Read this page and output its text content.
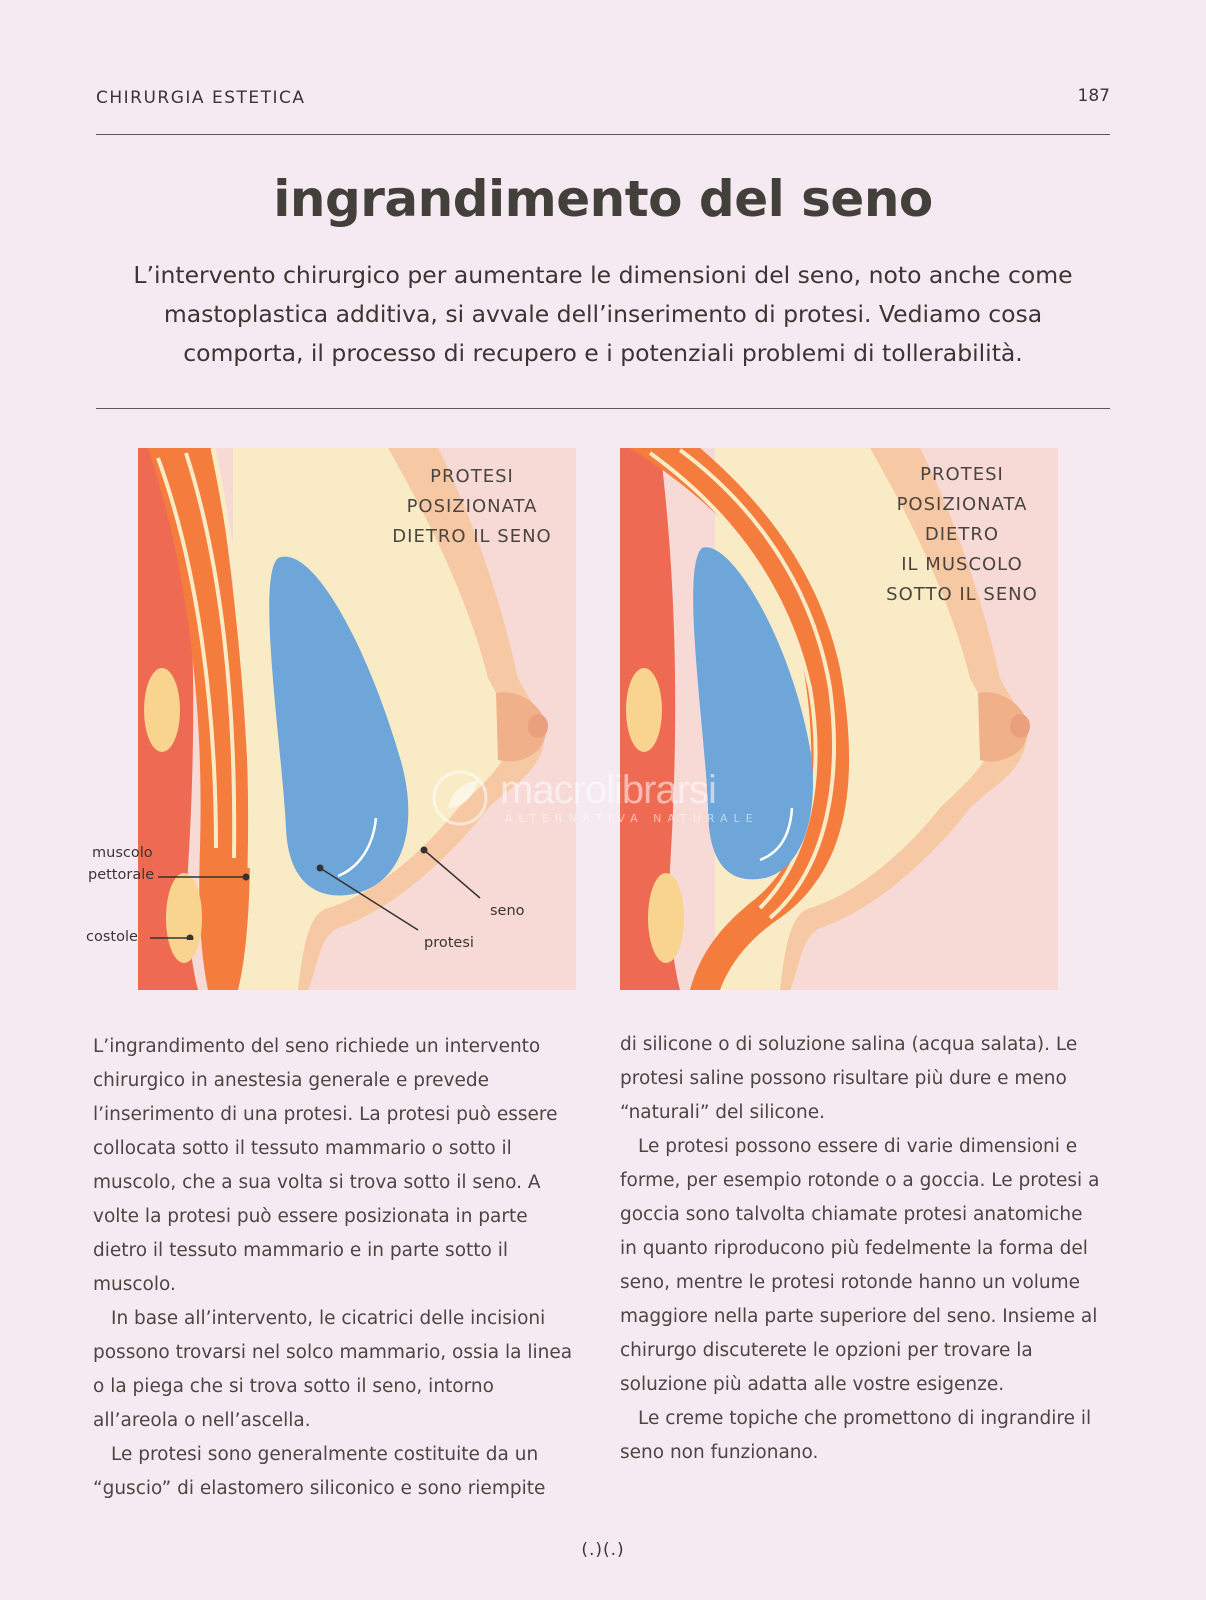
CHIRURGIA ESTETICA	187
ingrandimento del seno
L’intervento chirurgico per aumentare le dimensioni del seno, noto anche come mastoplastica additiva, si avvale dell’inserimento di protesi. Vediamo cosa comporta, il processo di recupero e i potenziali problemi di tollerabilità.
PROTESI
POSIZIONATA
DIETRO IL SENO
protesi
seno
muscolo
pettorale
costole
PROTESI
POSIZIONATA
DIETRO
IL MUSCOLO
SOTTO IL SENO
macrolibrarsi
ALTERNATIVA NATURALE

L’ingrandimento del seno richiede un intervento chirurgico in anestesia generale e prevede l’inserimento di una protesi. La protesi può essere collocata sotto il tessuto mammario o sotto il muscolo, che a sua volta si trova sotto il seno. A volte la protesi può essere posizionata in parte dietro il tessuto mammario e in parte sotto il muscolo.

In base all’intervento, le cicatrici delle incisioni possono trovarsi nel solco mammario, ossia la linea o la piega che si trova sotto il seno, intorno all’areola o nell’ascella.

Le protesi sono generalmente costituite da un “guscio” di elastomero siliconico e sono riempite

di silicone o di soluzione salina (acqua salata). Le protesi saline possono risultare più dure e meno “naturali” del silicone.

Le protesi possono essere di varie dimensioni e forme, per esempio rotonde o a goccia. Le protesi a goccia sono talvolta chiamate protesi anatomiche in quanto riproducono più fedelmente la forma del seno, mentre le protesi rotonde hanno un volume maggiore nella parte superiore del seno. Insieme al chirurgo discuterete le opzioni per trovare la soluzione più adatta alle vostre esigenze.

Le creme topiche che promettono di ingrandire il seno non funzionano.

(.)(.)
